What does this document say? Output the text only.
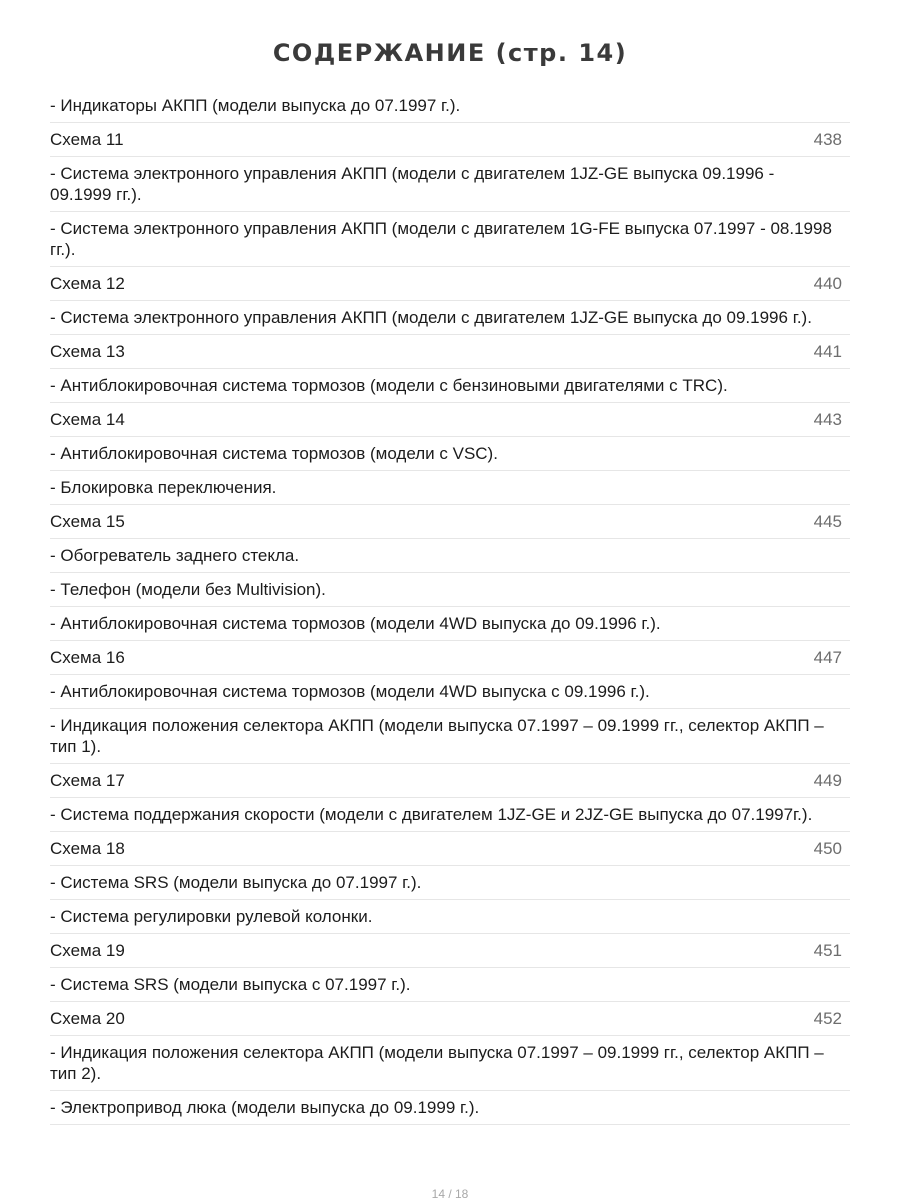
СОДЕРЖАНИЕ (стр. 14)
- Индикаторы АКПП (модели выпуска до 07.1997 г.).
Схема 11	438
- Система электронного управления АКПП (модели с двигателем 1JZ-GE выпуска 09.1996 - 09.1999 гг.).
- Система электронного управления АКПП (модели с двигателем 1G-FE выпуска 07.1997 - 08.1998 гг.).
Схема 12	440
- Система электронного управления АКПП (модели с двигателем 1JZ-GE выпуска до 09.1996 г.).
Схема 13	441
- Антиблокировочная система тормозов (модели с бензиновыми двигателями с TRC).
Схема 14	443
- Антиблокировочная система тормозов (модели с VSC).
- Блокировка переключения.
Схема 15	445
- Обогреватель заднего стекла.
- Телефон (модели без Multivision).
- Антиблокировочная система тормозов (модели 4WD выпуска до 09.1996 г.).
Схема 16	447
- Антиблокировочная система тормозов (модели 4WD выпуска с 09.1996 г.).
- Индикация положения селектора АКПП (модели выпуска 07.1997 – 09.1999 гг., селектор АКПП –тип 1).
Схема 17	449
- Система поддержания скорости (модели с двигателем 1JZ-GE и 2JZ-GE выпуска до 07.1997г.).
Схема 18	450
- Система SRS (модели выпуска до 07.1997 г.).
- Система регулировки рулевой колонки.
Схема 19	451
- Система SRS (модели выпуска с 07.1997 г.).
Схема 20	452
- Индикация положения селектора АКПП (модели выпуска 07.1997 – 09.1999 гг., селектор АКПП –тип 2).
- Электропривод люка (модели выпуска до 09.1999 г.).
14 / 18
